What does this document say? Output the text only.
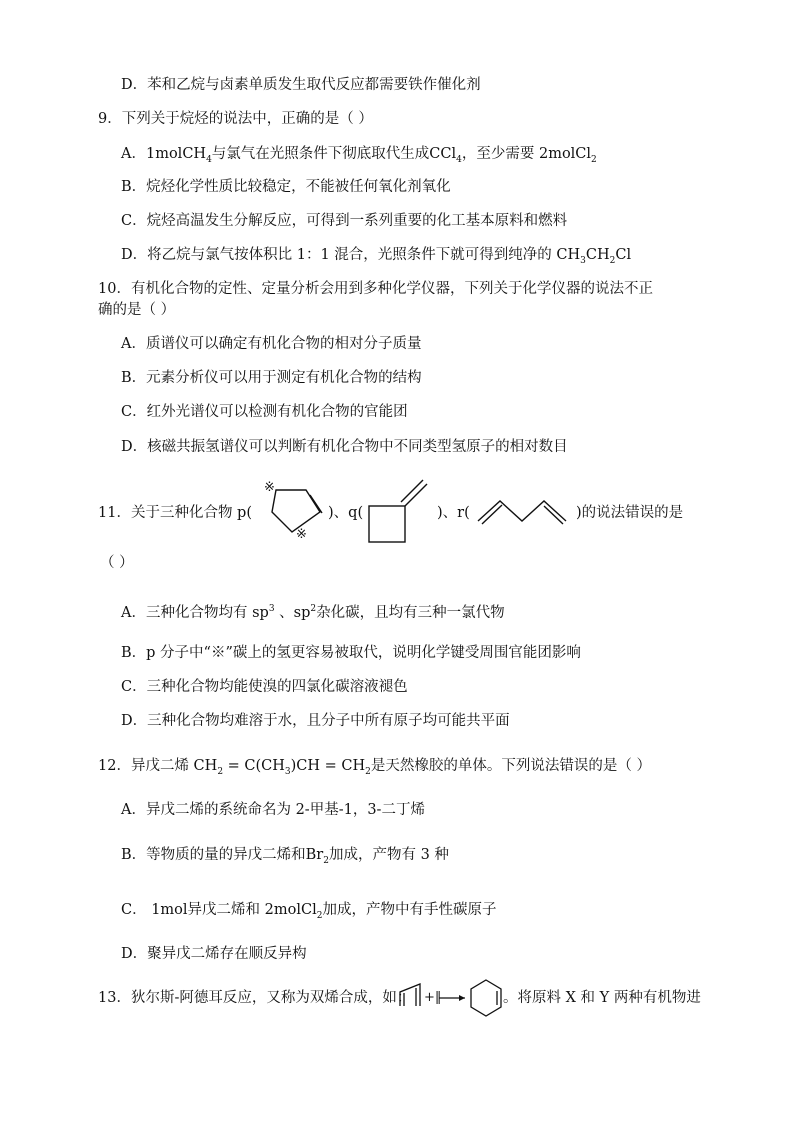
D．苯和乙烷与卤素单质发生取代反应都需要铁作催化剂
9．下列关于烷烃的说法中，正确的是（ ）
A．1molCH$_4$与氯气在光照条件下彻底取代生成CCl$_4$，至少需要 2molCl$_2$
B．烷烃化学性质比较稳定，不能被任何氧化剂氧化
C．烷烃高温发生分解反应，可得到一系列重要的化工基本原料和燃料
D．将乙烷与氯气按体积比 1：1 混合，光照条件下就可得到纯净的 $CH_3CH_2Cl$
10．有机化合物的定性、定量分析会用到多种化学仪器，下列关于化学仪器的说法不正
确的是（ ）
A．质谱仪可以确定有机化合物的相对分子质量
B．元素分析仪可以用于测定有机化合物的结构
C．红外光谱仪可以检测有机化合物的官能团
D．核磁共振氢谱仪可以判断有机化合物中不同类型氢原子的相对数目
11．关于三种化合物 p(
※
※
)、q(	)、r(	)的说法错误的是
（ ）
A．三种化合物均有 $sp^3$ 、$sp^2$杂化碳，且均有三种一氯代物
B．p 分子中“※”碳上的氢更容易被取代，说明化学键受周围官能团影响
C．三种化合物均能使溴的四氯化碳溶液褪色
D．三种化合物均难溶于水，且分子中所有原子均可能共平面
12．异戊二烯 $CH_2 = C(CH_3)CH = CH_2$是天然橡胶的单体。下列说法错误的是（ ）
A．异戊二烯的系统命名为 2-甲基-1，3-二丁烯
B．等物质的量的异戊二烯和$Br_2$加成，产物有 3 种
C． 1mol异戊二烯和 2molCl$_2$加成，产物中有手性碳原子
D．聚异戊二烯存在顺反异构
13．狄尔斯-阿德耳反应，又称为双烯合成，如： +‖	。将原料 X 和 Y 两种有机物进
